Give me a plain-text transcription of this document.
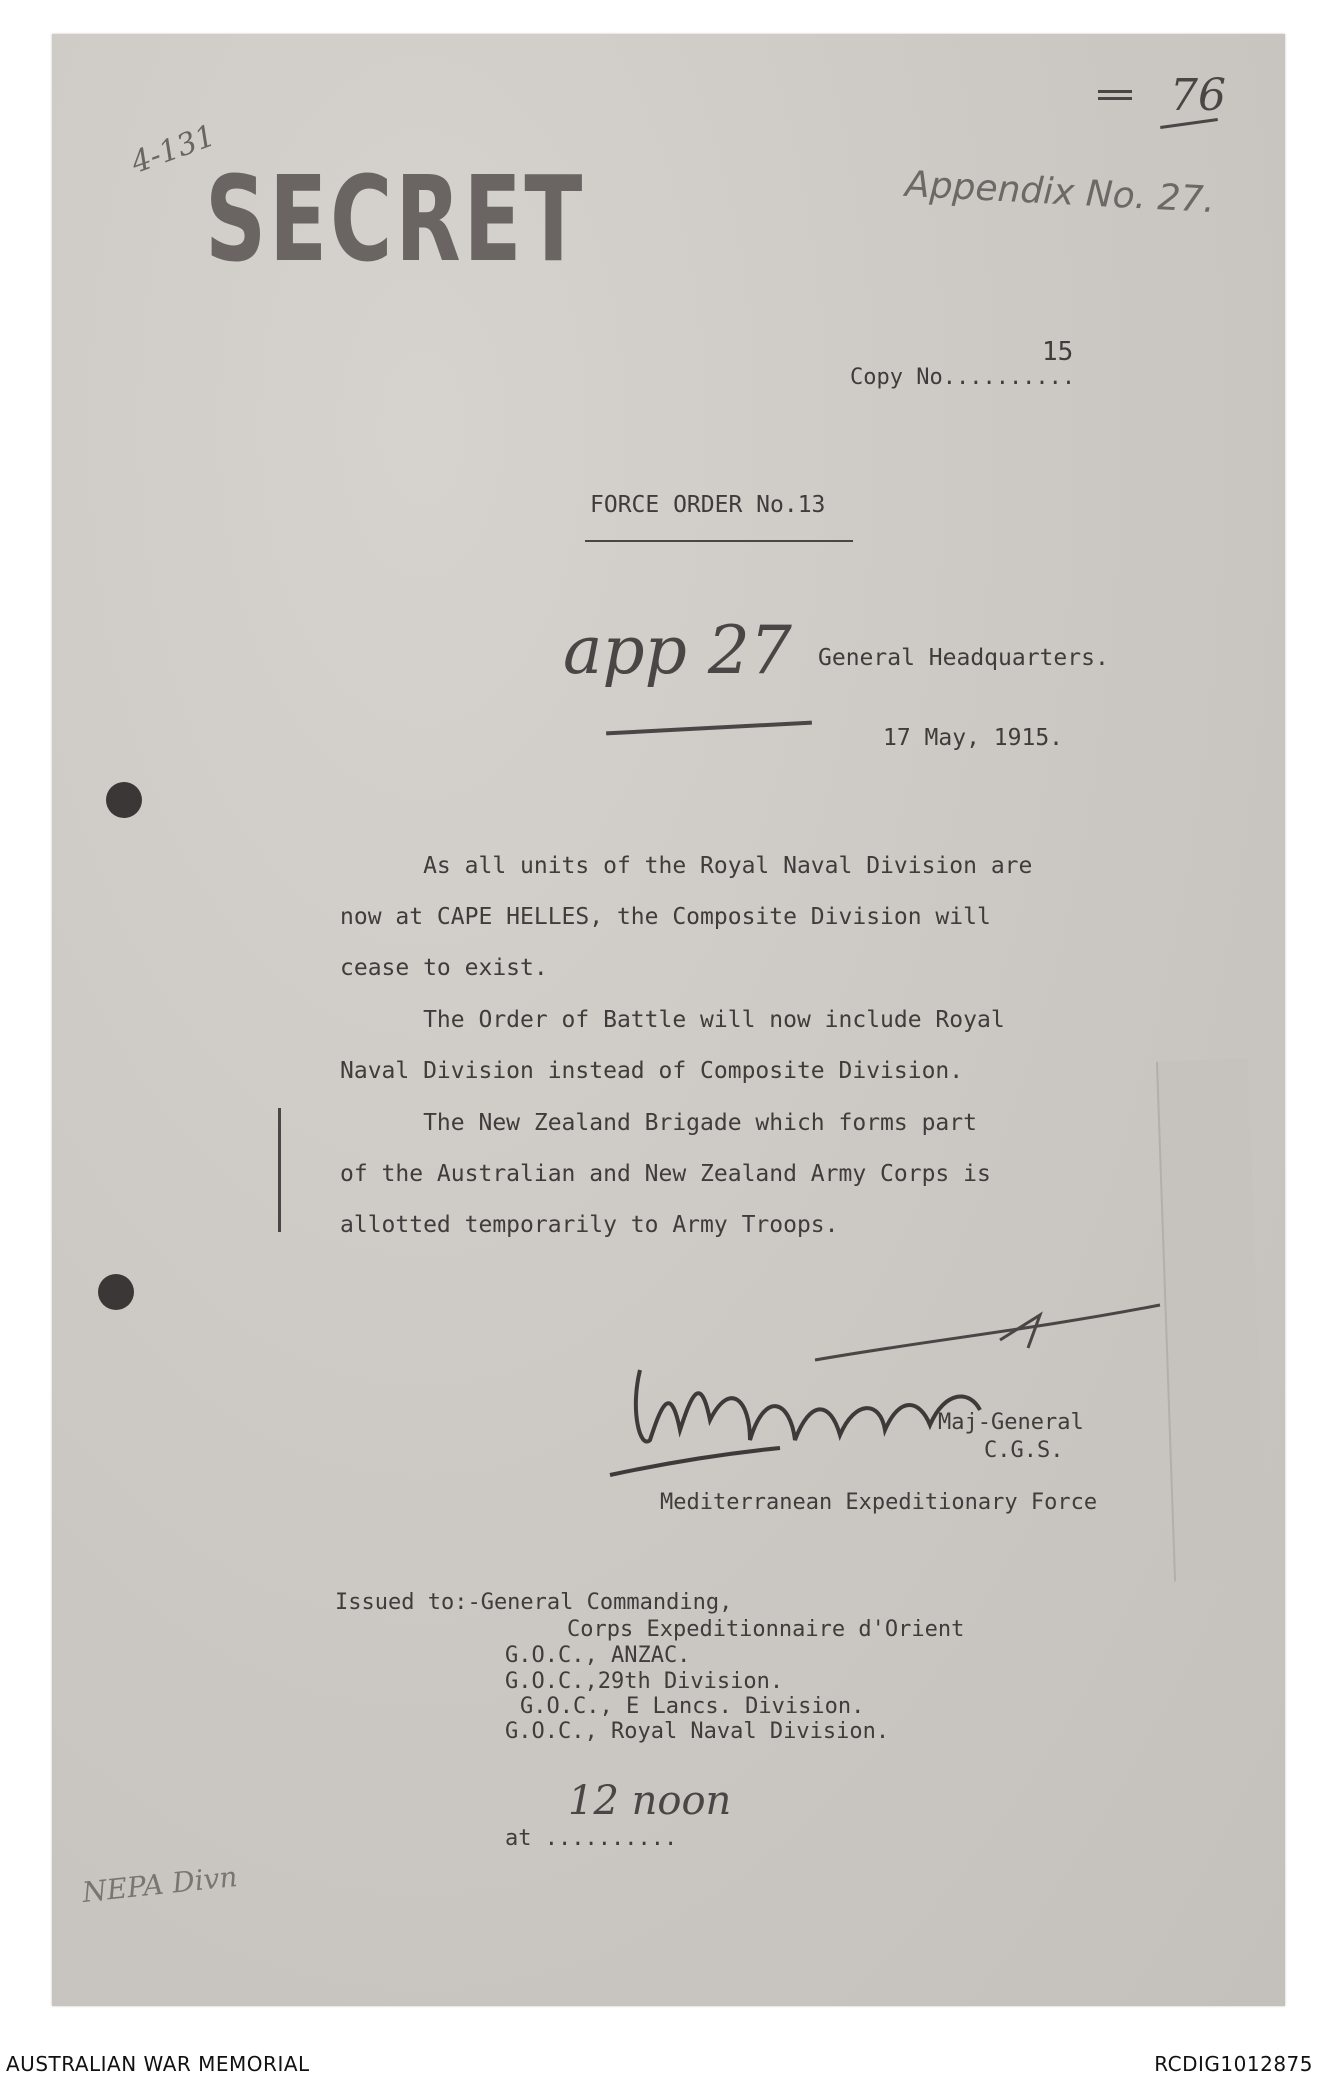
4-131
SECRET	Appendix No. 27.
76
Copy No..........
15
FORCE ORDER No.13
app 27 General Headquarters.
17 May, 1915.
As all units of the Royal Naval Division are
now at CAPE HELLES, the Composite Division will
cease to exist.
The Order of Battle will now include Royal
Naval Division instead of Composite Division.
The New Zealand Brigade which forms part
of the Australian and New Zealand Army Corps is
allotted temporarily to Army Troops.
Maj-General
C.G.S.
Mediterranean Expeditionary Force
Issued to:-General Commanding,
Corps Expeditionnaire d'Orient
G.O.C., ANZAC.
G.O.C.,29th Division.
G.O.C., E Lancs. Division.
G.O.C., Royal Naval Division.
12 noon
at ..........
NEPA Divn
AUSTRALIAN WAR MEMORIAL	RCDIG1012875
